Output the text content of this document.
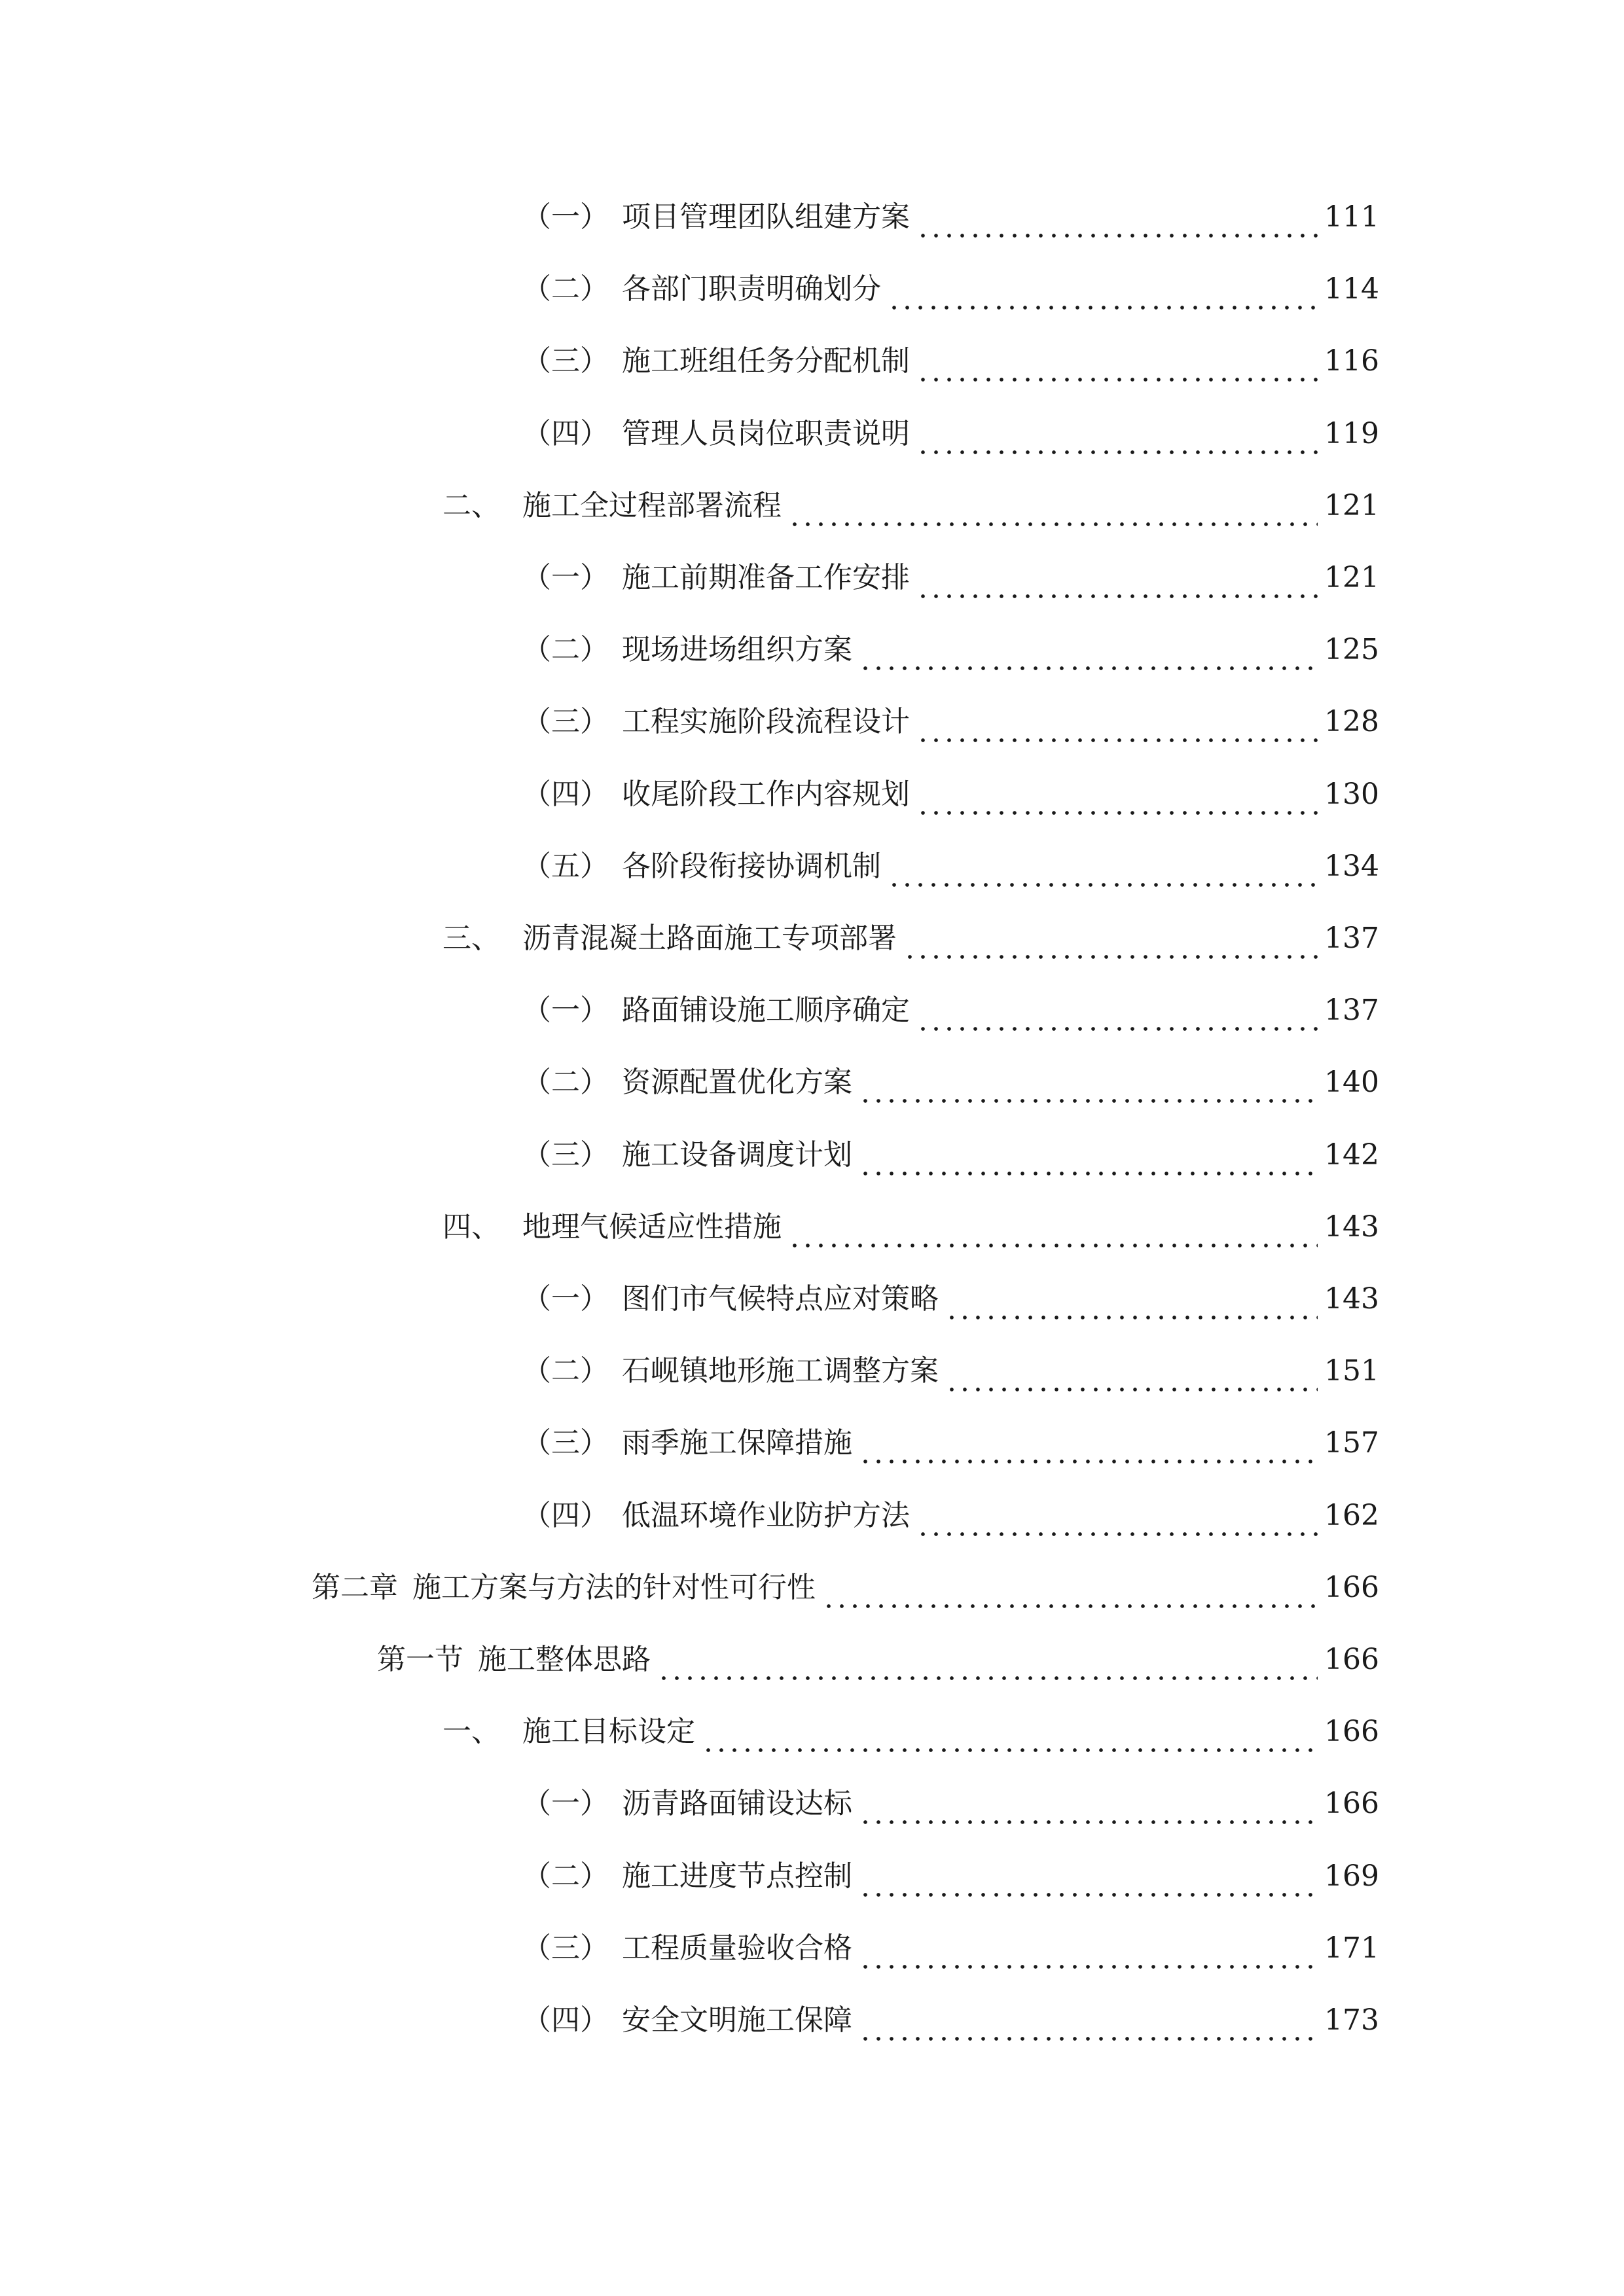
（一） 项目管理团队组建方案	111
（二） 各部门职责明确划分	114
（三） 施工班组任务分配机制	116
（四） 管理人员岗位职责说明	119
二、 施工全过程部署流程	121
（一） 施工前期准备工作安排	121
（二） 现场进场组织方案	125
（三） 工程实施阶段流程设计	128
（四） 收尾阶段工作内容规划	130
（五） 各阶段衔接协调机制	134
三、 沥青混凝土路面施工专项部署	137
（一） 路面铺设施工顺序确定	137
（二） 资源配置优化方案	140
（三） 施工设备调度计划	142
四、 地理气候适应性措施	143
（一） 图们市气候特点应对策略	143
（二） 石岘镇地形施工调整方案	151
（三） 雨季施工保障措施	157
（四） 低温环境作业防护方法	162
第二章 施工方案与方法的针对性可行性	166
第一节 施工整体思路	166
一、 施工目标设定	166
（一） 沥青路面铺设达标	166
（二） 施工进度节点控制	169
（三） 工程质量验收合格	171
（四） 安全文明施工保障	173
